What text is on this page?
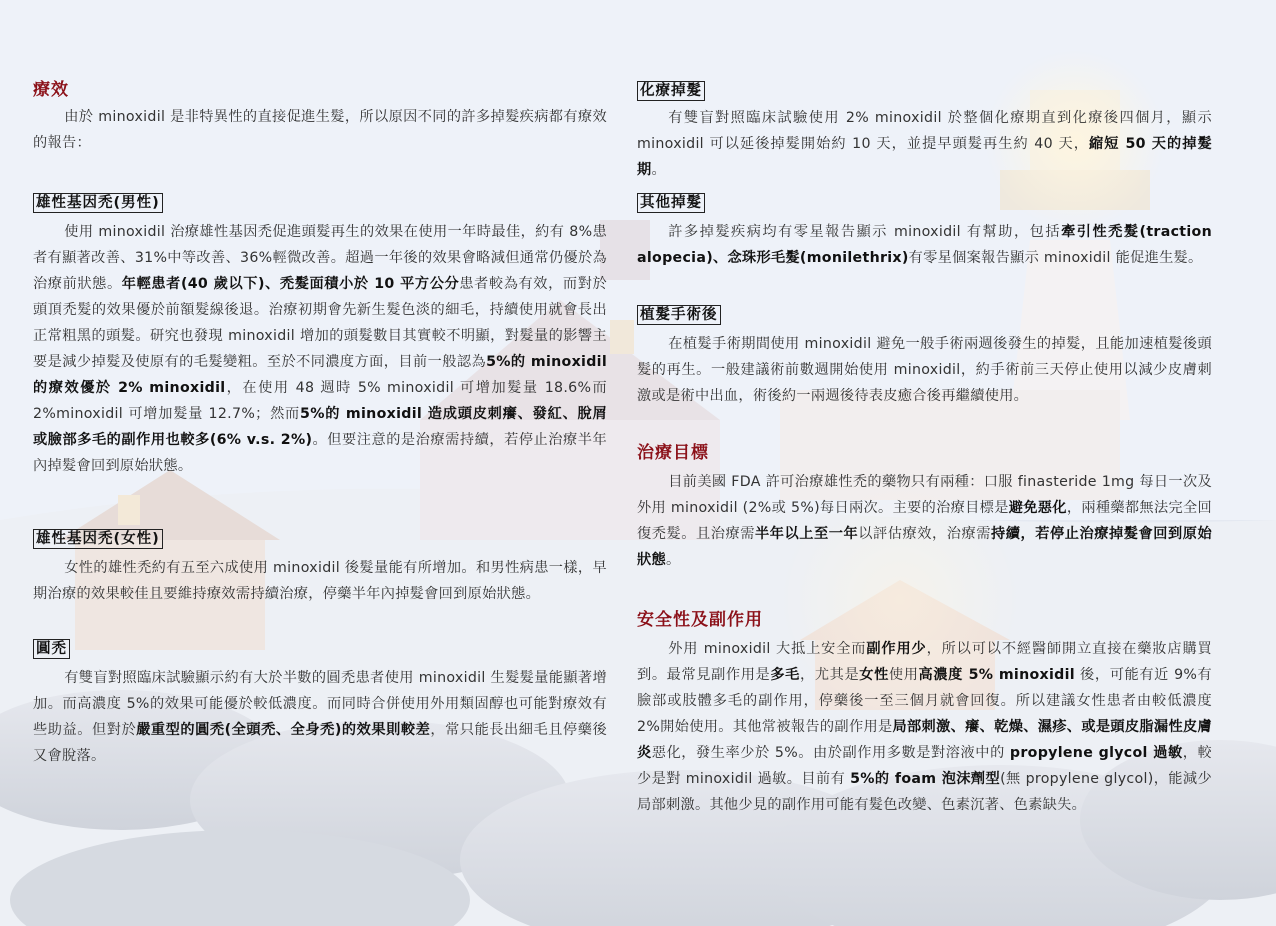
療效

由於 minoxidil 是非特異性的直接促進生髮，所以原因不同的許多掉髮疾病都有療效的報告：

雄性基因禿(男性)

使用 minoxidil 治療雄性基因禿促進頭髮再生的效果在使用一年時最佳，約有 8%患者有顯著改善、31%中等改善、36%輕微改善。超過一年後的效果會略減但通常仍優於為治療前狀態。年輕患者(40 歲以下)、禿髮面積小於 10 平方公分患者較為有效，而對於頭頂禿髮的效果優於前額髮線後退。治療初期會先新生髮色淡的細毛，持續使用就會長出正常粗黑的頭髮。研究也發現 minoxidil 增加的頭髮數目其實較不明顯，對髮量的影響主要是減少掉髮及使原有的毛髮變粗。至於不同濃度方面，目前一般認為5%的 minoxidil 的療效優於 2% minoxidil，在使用 48 週時 5% minoxidil 可增加髮量 18.6%而 2%minoxidil 可增加髮量 12.7%；然而5%的 minoxidil 造成頭皮刺癢、發紅、脫屑或臉部多毛的副作用也較多(6% v.s. 2%)。但要注意的是治療需持續，若停止治療半年內掉髮會回到原始狀態。

雄性基因禿(女性)

女性的雄性禿約有五至六成使用 minoxidil 後髮量能有所增加。和男性病患一樣，早期治療的效果較佳且要維持療效需持續治療，停藥半年內掉髮會回到原始狀態。

圓禿

有雙盲對照臨床試驗顯示約有大於半數的圓禿患者使用 minoxidil 生髮髮量能顯著增加。而高濃度 5%的效果可能優於較低濃度。而同時合併使用外用類固醇也可能對療效有些助益。但對於嚴重型的圓禿(全頭禿、全身禿)的效果則較差，常只能長出細毛且停藥後又會脫落。

化療掉髮

有雙盲對照臨床試驗使用 2% minoxidil 於整個化療期直到化療後四個月，顯示 minoxidil 可以延後掉髮開始約 10 天，並提早頭髮再生約 40 天，縮短 50 天的掉髮期。

其他掉髮

許多掉髮疾病均有零星報告顯示 minoxidil 有幫助，包括牽引性禿髮(traction alopecia)、念珠形毛髮(monilethrix)有零星個案報告顯示 minoxidil 能促進生髮。

植髮手術後

在植髮手術期間使用 minoxidil 避免一般手術兩週後發生的掉髮，且能加速植髮後頭髮的再生。一般建議術前數週開始使用 minoxidil，約手術前三天停止使用以減少皮膚刺激或是術中出血，術後約一兩週後待表皮癒合後再繼續使用。

治療目標

目前美國 FDA 許可治療雄性禿的藥物只有兩種：口服 finasteride 1mg 每日一次及外用 minoxidil (2%或 5%)每日兩次。主要的治療目標是避免惡化，兩種藥都無法完全回復禿髮。且治療需半年以上至一年以評估療效，治療需持續，若停止治療掉髮會回到原始狀態。

安全性及副作用

外用 minoxidil 大抵上安全而副作用少，所以可以不經醫師開立直接在藥妝店購買到。最常見副作用是多毛，尤其是女性使用高濃度 5% minoxidil 後，可能有近 9%有臉部或肢體多毛的副作用，停藥後一至三個月就會回復。所以建議女性患者由較低濃度 2%開始使用。其他常被報告的副作用是局部刺激、癢、乾燥、濕疹、或是頭皮脂漏性皮膚炎惡化，發生率少於 5%。由於副作用多數是對溶液中的 propylene glycol 過敏，較少是對 minoxidil 過敏。目前有 5%的 foam 泡沫劑型(無 propylene glycol)，能減少局部刺激。其他少見的副作用可能有髮色改變、色素沉著、色素缺失。
